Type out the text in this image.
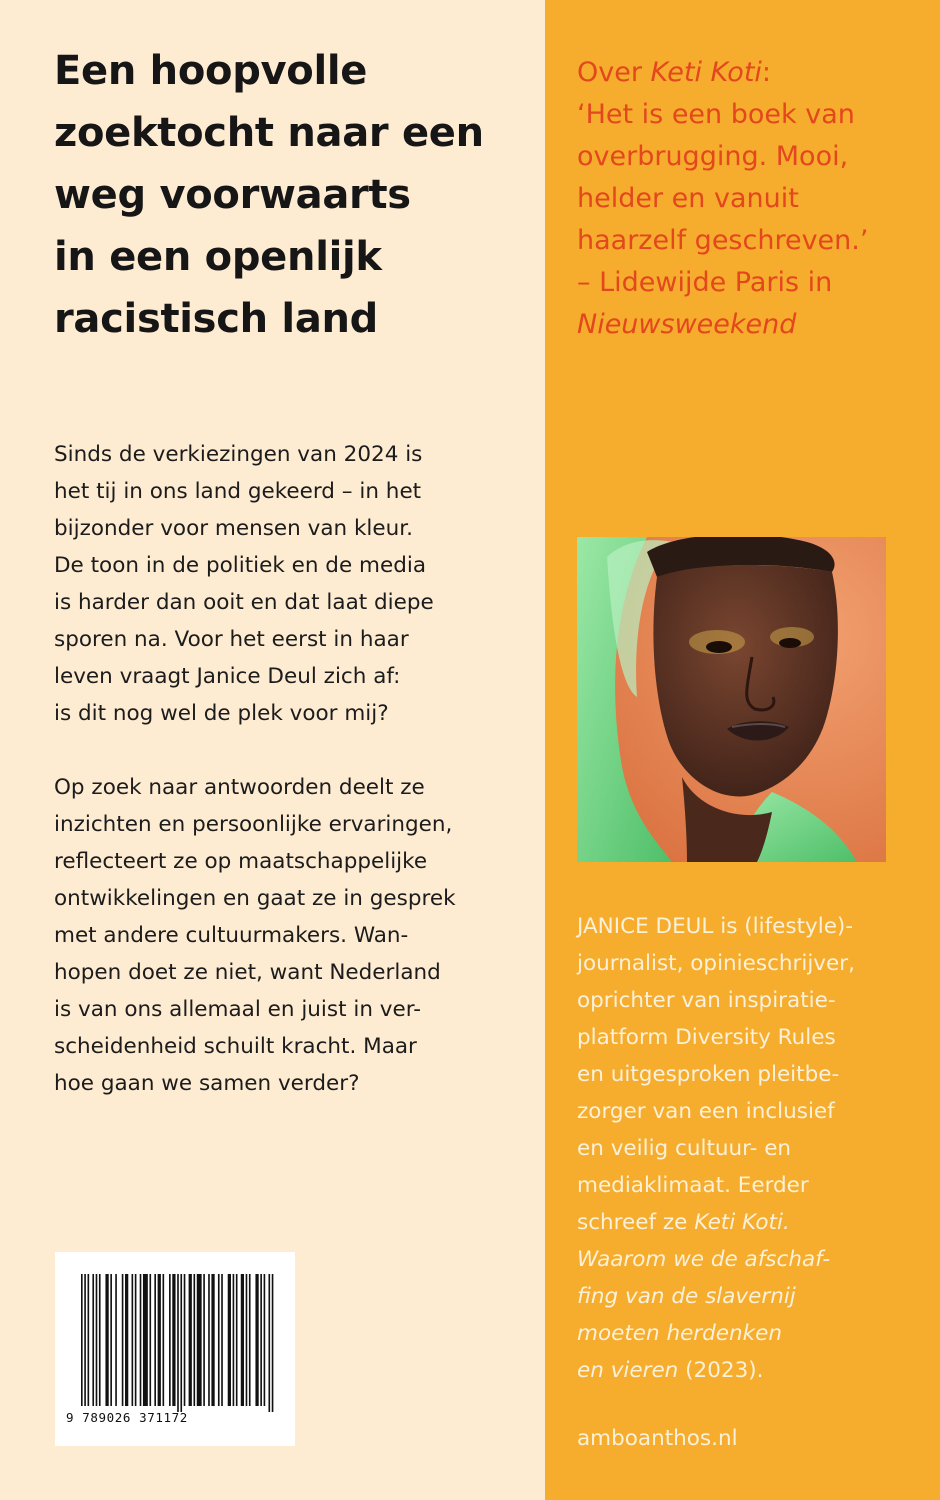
Een hoopvolle
zoektocht naar een
weg voorwaarts
in een openlijk
racistisch land

Sinds de verkiezingen van 2024 is
het tij in ons land gekeerd – in het
bijzonder voor mensen van kleur.
De toon in de politiek en de media
is harder dan ooit en dat laat diepe
sporen na. Voor het eerst in haar
leven vraagt Janice Deul zich af:
is dit nog wel de plek voor mij?

Op zoek naar antwoorden deelt ze
inzichten en persoonlijke ervaringen,
reflecteert ze op maatschappelijke
ontwikkelingen en gaat ze in gesprek
met andere cultuurmakers. Wan-
hopen doet ze niet, want Nederland
is van ons allemaal en juist in ver-
scheidenheid schuilt kracht. Maar
hoe gaan we samen verder?

9 789026 371172

Over Keti Koti:
‘Het is een boek van
overbrugging. Mooi,
helder en vanuit
haarzelf geschreven.’
– Lidewijde Paris in
Nieuwsweekend

JANICE DEUL is (lifestyle)-
journalist, opinieschrijver,
oprichter van inspiratie-
platform Diversity Rules
en uitgesproken pleitbe-
zorger van een inclusief
en veilig cultuur- en
mediaklimaat. Eerder
schreef ze Keti Koti.
Waarom we de afschaf-
fing van de slavernij
moeten herdenken
en vieren (2023).

amboanthos.nl
